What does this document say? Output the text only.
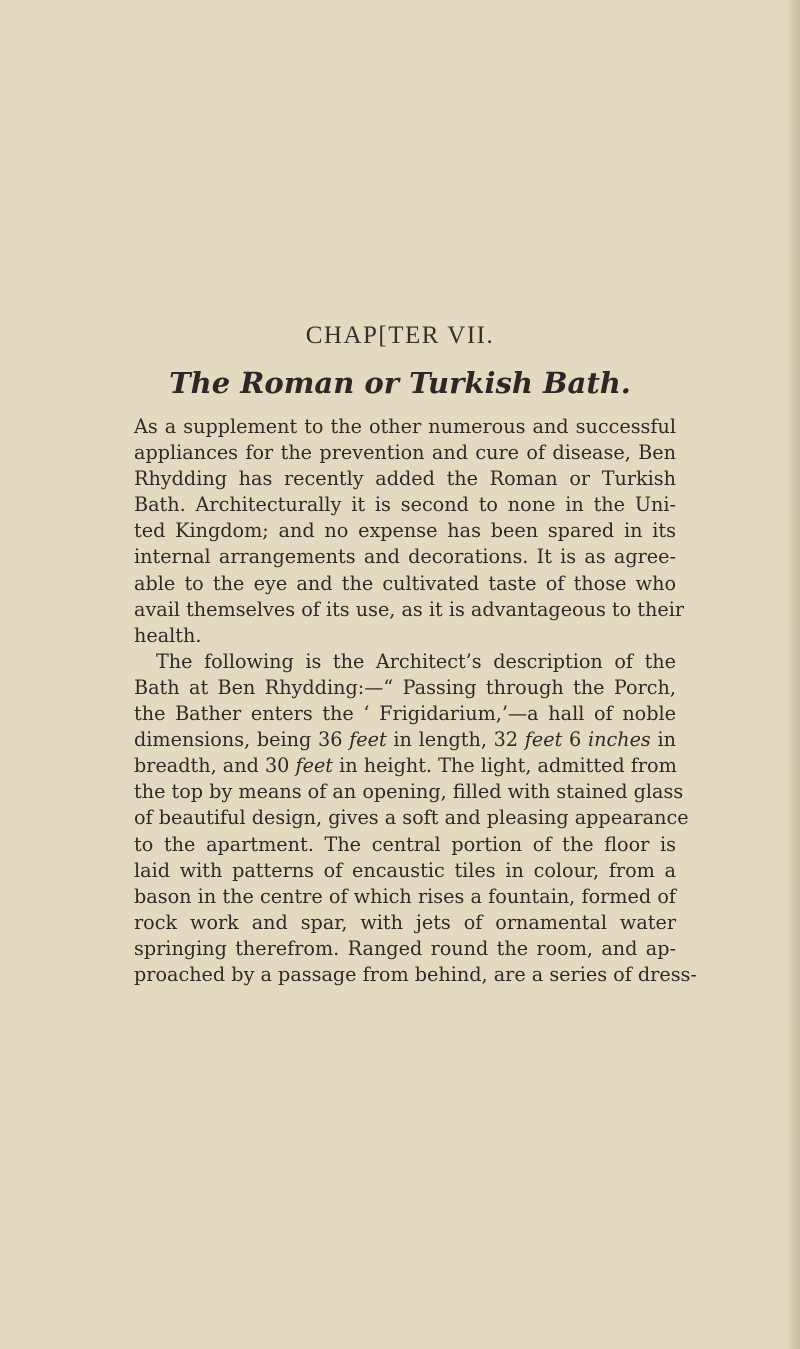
CHAP[TER VII.
The Roman or Turkish Bath.
As a supplement to the other numerous and successful
appliances for the prevention and cure of disease, Ben
Rhydding has recently added the Roman or Turkish
Bath. Architecturally it is second to none in the Uni-
ted Kingdom; and no expense has been spared in its
internal arrangements and decorations. It is as agree-
able to the eye and the cultivated taste of those who
avail themselves of its use, as it is advantageous to their
health.
The following is the Architect’s description of the
Bath at Ben Rhydding:—“ Passing through the Porch,
the Bather enters the ‘ Frigidarium,’—a hall of noble
dimensions, being 36 feet in length, 32 feet 6 inches in
breadth, and 30 feet in height. The light, admitted from
the top by means of an opening, filled with stained glass
of beautiful design, gives a soft and pleasing appearance
to the apartment. The central portion of the floor is
laid with patterns of encaustic tiles in colour, from a
bason in the centre of which rises a fountain, formed of
rock work and spar, with jets of ornamental water
springing therefrom. Ranged round the room, and ap-
proached by a passage from behind, are a series of dress-
